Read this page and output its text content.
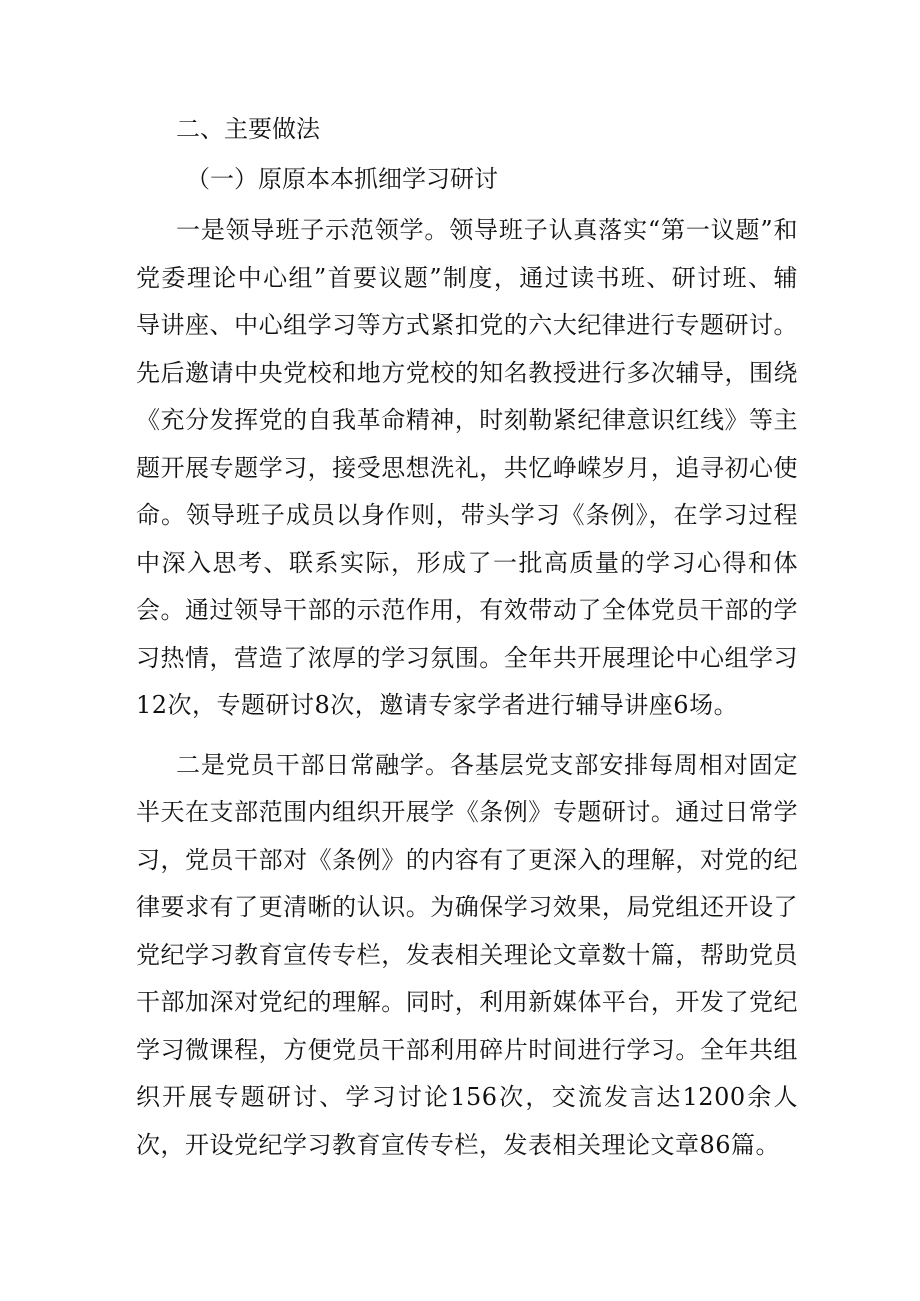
二、主要做法

（一）原原本本抓细学习研讨

一是领导班子示范领学。领导班子认真落实“第一议题”和党委理论中心组”首要议题”制度，通过读书班、研讨班、辅导讲座、中心组学习等方式紧扣党的六大纪律进行专题研讨。先后邀请中央党校和地方党校的知名教授进行多次辅导，围绕《充分发挥党的自我革命精神，时刻勒紧纪律意识红线》等主题开展专题学习，接受思想洗礼，共忆峥嵘岁月，追寻初心使命。领导班子成员以身作则，带头学习《条例》，在学习过程中深入思考、联系实际，形成了一批高质量的学习心得和体会。通过领导干部的示范作用，有效带动了全体党员干部的学习热情，营造了浓厚的学习氛围。全年共开展理论中心组学习12次，专题研讨8次，邀请专家学者进行辅导讲座6场。

二是党员干部日常融学。各基层党支部安排每周相对固定半天在支部范围内组织开展学《条例》专题研讨。通过日常学习，党员干部对《条例》的内容有了更深入的理解，对党的纪律要求有了更清晰的认识。为确保学习效果，局党组还开设了党纪学习教育宣传专栏，发表相关理论文章数十篇，帮助党员干部加深对党纪的理解。同时，利用新媒体平台，开发了党纪学习微课程，方便党员干部利用碎片时间进行学习。全年共组织开展专题研讨、学习讨论156次，交流发言达1200余人次，开设党纪学习教育宣传专栏，发表相关理论文章86篇。
